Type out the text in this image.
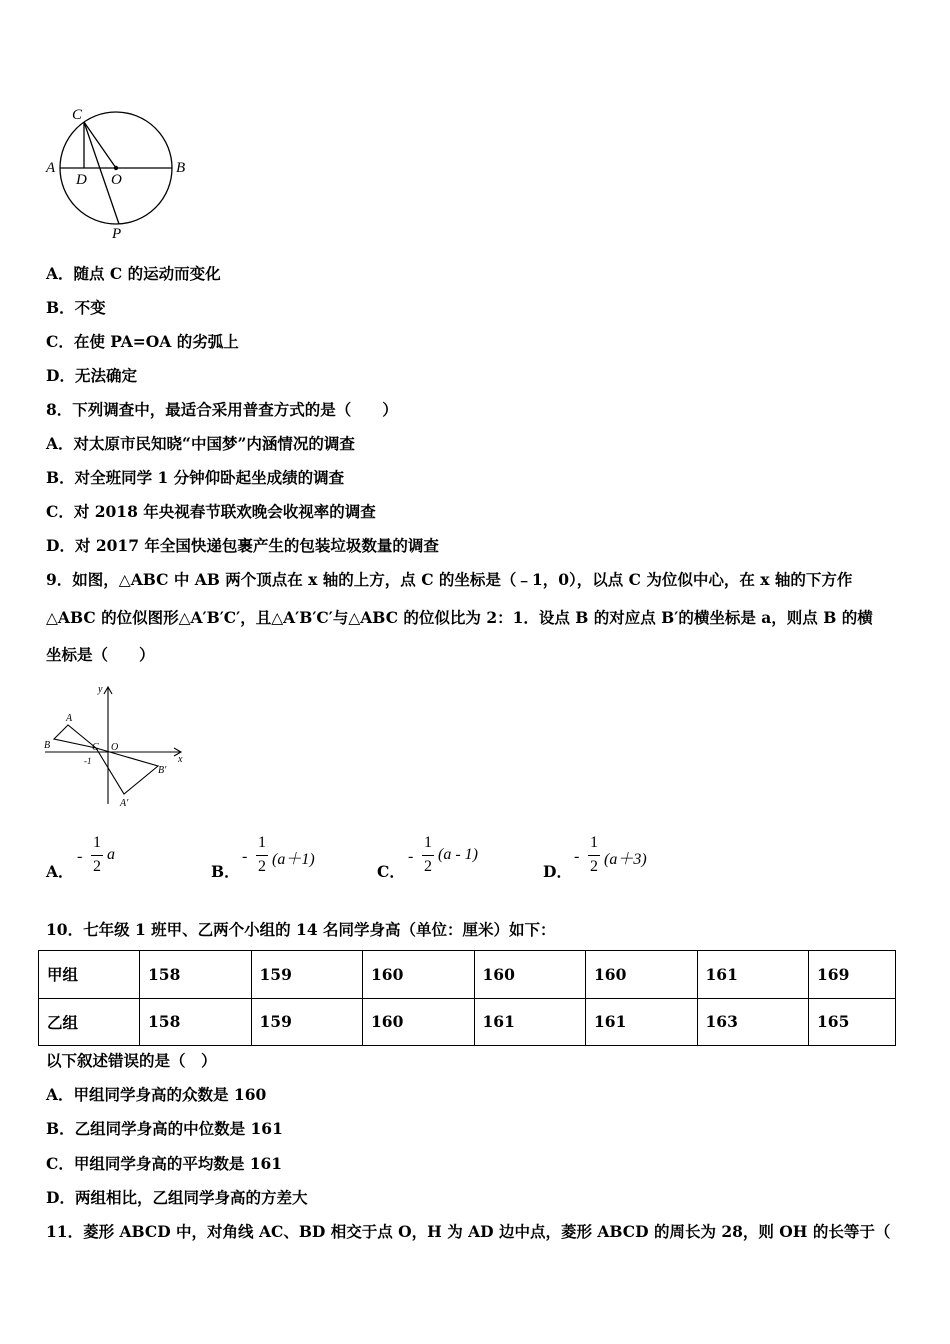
C
A	B
D O
P
A．随点 C 的运动而变化
B．不变
C．在使 PA=OA 的劣弧上
D．无法确定
8．下列调查中，最适合采用普查方式的是（　　）
A．对太原市民知晓“中国梦”内涵情况的调查
B．对全班同学 1 分钟仰卧起坐成绩的调查
C．对 2018 年央视春节联欢晚会收视率的调查
D．对 2017 年全国快递包裹产生的包装垃圾数量的调查
9．如图，△ABC 中 AB 两个顶点在 x 轴的上方，点 C 的坐标是（﹣1，0），以点 C 为位似中心，在 x 轴的下方作
△ABC 的位似图形△A′B′C′，且△A′B′C′与△ABC 的位似比为 2：1．设点 B 的对应点 B′的横坐标是 a，则点 B 的横
坐标是（　　）
y
x
A
B	C O
-1
B′
A′
A．
-
1
2
a
B．
-
1
2 (a＋1)
C．
-
1
2
(a - 1)
D．
-
1
2 (a＋3)
10．七年级 1 班甲、乙两个小组的 14 名同学身高（单位：厘米）如下：
甲组	158	159	160	160	160	161	169
乙组	158	159	160	161	161	163	165
以下叙述错误的是（　）
A．甲组同学身高的众数是 160
B．乙组同学身高的中位数是 161
C．甲组同学身高的平均数是 161
D．两组相比，乙组同学身高的方差大
11．菱形 ABCD 中，对角线 AC、BD 相交于点 O，H 为 AD 边中点，菱形 ABCD 的周长为 28，则 OH 的长等于（
